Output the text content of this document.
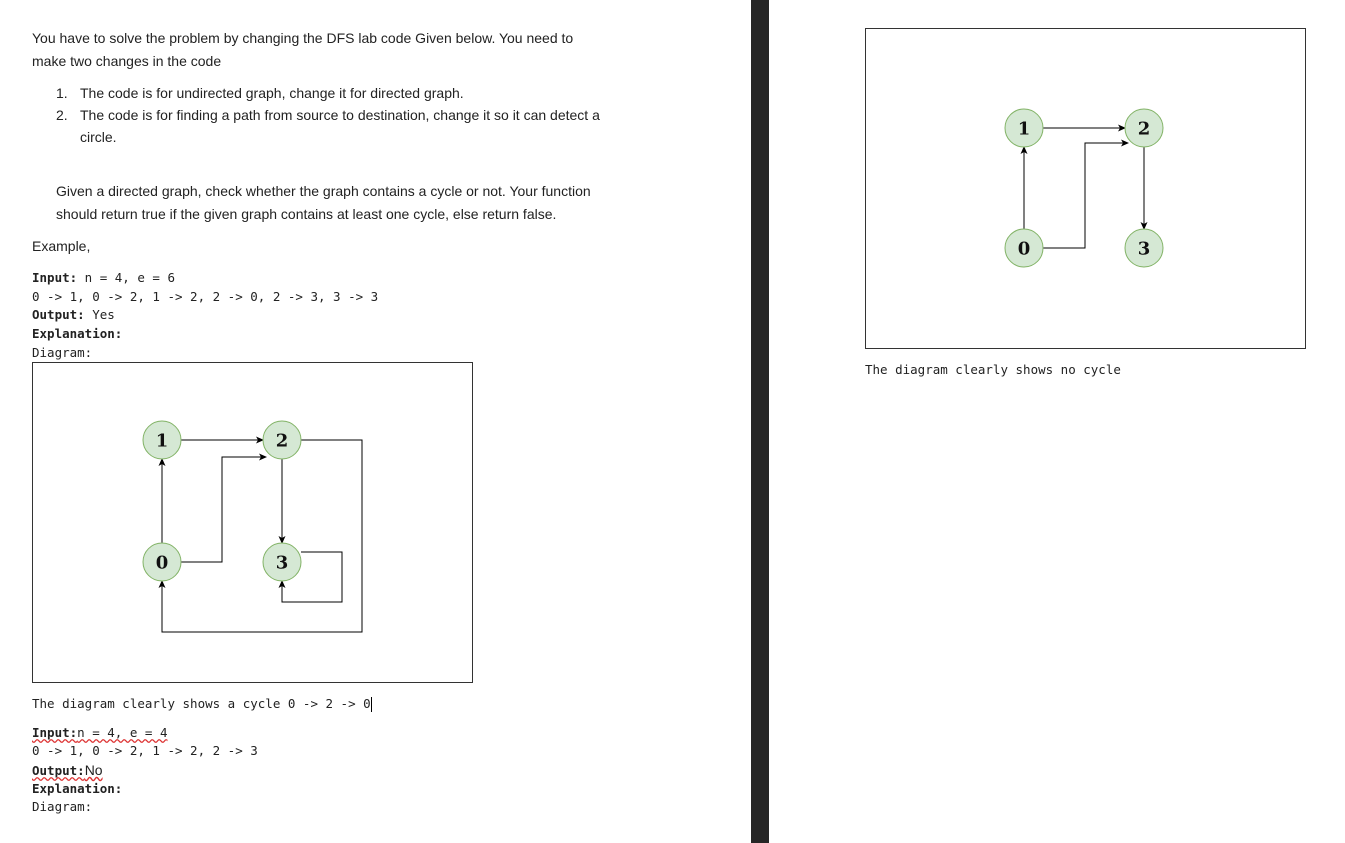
You have to solve the problem by changing the DFS lab code Given below. You need to
make two changes in the code
1. The code is for undirected graph, change it for directed graph.
2. The code is for finding a path from source to destination, change it so it can detect a
circle.
Given a directed graph, check whether the graph contains a cycle or not. Your function
should return true if the given graph contains at least one cycle, else return false.
Example,
Input: n = 4, e = 6
0 -> 1, 0 -> 2, 1 -> 2, 2 -> 0, 2 -> 3, 3 -> 3
Output: Yes
Explanation:
Diagram:
The diagram clearly shows a cycle 0 -> 2 -> 0
Input:n = 4, e = 4
0 -> 1, 0 -> 2, 1 -> 2, 2 -> 3
Output:No
Explanation:
Diagram:
The diagram clearly shows no cycle
1	2
0	3
1	2
0	3
